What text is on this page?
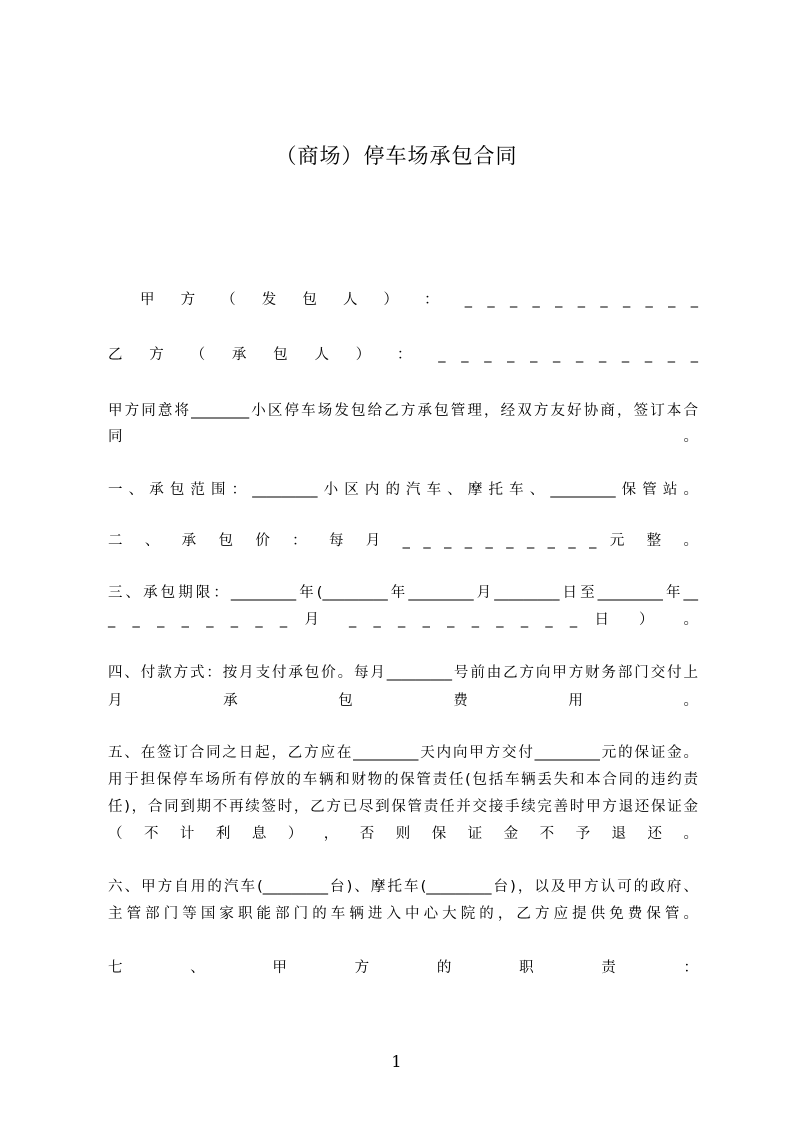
（商场）停车场承包合同
甲 方 （ 发 包 人 ） ： _ _ _ _ _ _ _ _ _ _ _
乙 方 （ 承 包 人 ） ： _ _ _ _ _ _ _ _ _ _ _ _
甲方同意将________小区停车场发包给乙方承包管理，经双方友好协商，签订本合
同 。
一、承包范围：_________小区内的汽车、摩托车、_________保管站。
二 、 承 包 价 ： 每 月 _ _ _ _ _ _ _ _ _ _ 元 整 。
三、承包期限：_________年(_________年_________月_________日至_________年__
_ _ _ _ _ _ _ _ 月 _ _ _ _ _ _ _ _ _ _ 日 ） 。
四、付款方式：按月支付承包价。每月_________号前由乙方向甲方财务部门交付上
月 承 包 费 用 。
五、在签订合同之日起，乙方应在_________天内向甲方交付_________元的保证金。
用于担保停车场所有停放的车辆和财物的保管责任(包括车辆丢失和本合同的违约责
任)，合同到期不再续签时，乙方已尽到保管责任并交接手续完善时甲方退还保证金
（ 不 计 利 息 ） ， 否 则 保 证 金 不 予 退 还 。
六、甲方自用的汽车(_________台)、摩托车(_________台)，以及甲方认可的政府、
主管部门等国家职能部门的车辆进入中心大院的，乙方应提供免费保管。
七 、 甲 方 的 职 责 ：
1
